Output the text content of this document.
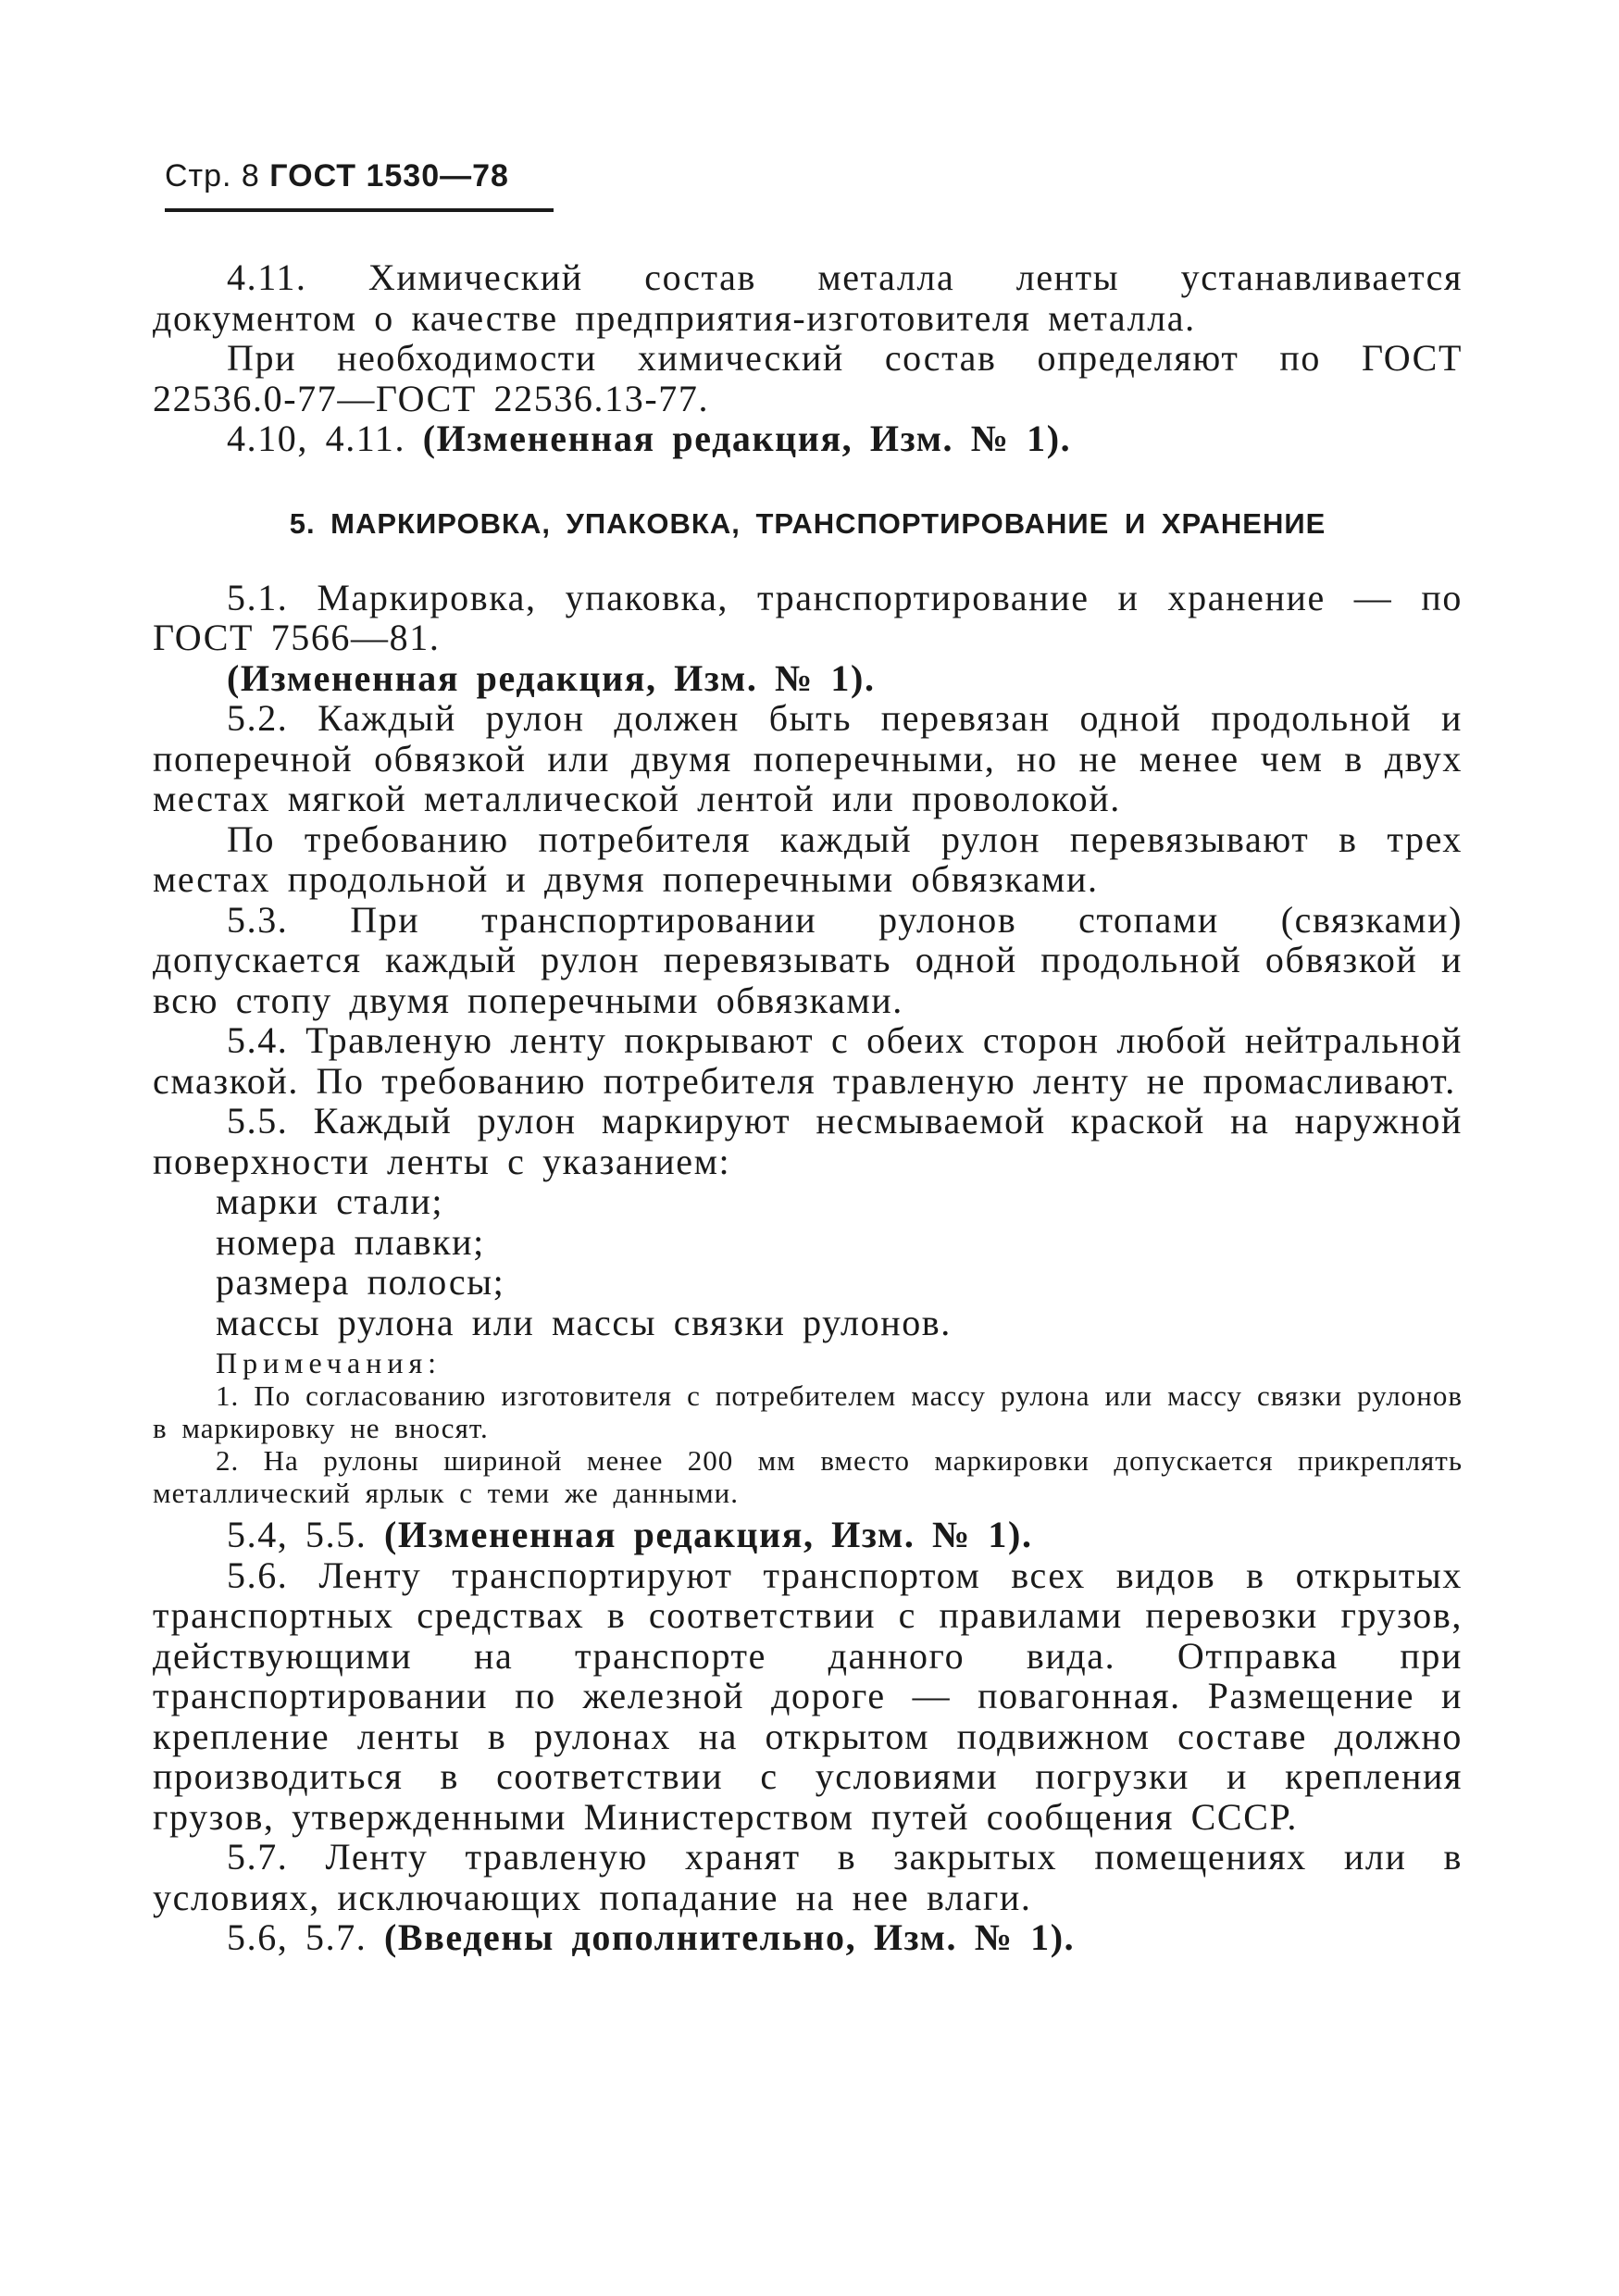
Стр. 8 ГОСТ 1530—78

4.11. Химический состав металла ленты устанавливается документом о качестве предприятия-изготовителя металла.

При необходимости химический состав определяют по ГОСТ 22536.0-77—ГОСТ 22536.13-77.

4.10, 4.11. (Измененная редакция, Изм. № 1).

5. МАРКИРОВКА, УПАКОВКА, ТРАНСПОРТИРОВАНИЕ И ХРАНЕНИЕ

5.1. Маркировка, упаковка, транспортирование и хранение — по ГОСТ 7566—81.

(Измененная редакция, Изм. № 1).

5.2. Каждый рулон должен быть перевязан одной продольной и поперечной обвязкой или двумя поперечными, но не менее чем в двух местах мягкой металлической лентой или проволокой.

По требованию потребителя каждый рулон перевязывают в трех местах продольной и двумя поперечными обвязками.

5.3. При транспортировании рулонов стопами (связками) допускается каждый рулон перевязывать одной продольной обвязкой и всю стопу двумя поперечными обвязками.

5.4. Травленую ленту покрывают с обеих сторон любой нейтральной смазкой. По требованию потребителя травленую ленту не промасливают.

5.5. Каждый рулон маркируют несмываемой краской на наружной поверхности ленты с указанием:

марки стали;

номера плавки;

размера полосы;

массы рулона или массы связки рулонов.

Примечания:

1. По согласованию изготовителя с потребителем массу рулона или массу связки рулонов в маркировку не вносят.

2. На рулоны шириной менее 200 мм вместо маркировки допускается прикреплять металлический ярлык с теми же данными.

5.4, 5.5. (Измененная редакция, Изм. № 1).

5.6. Ленту транспортируют транспортом всех видов в открытых транспортных средствах в соответствии с правилами перевозки грузов, действующими на транспорте данного вида. Отправка при транспортировании по железной дороге — повагонная. Размещение и крепление ленты в рулонах на открытом подвижном составе должно производиться в соответствии с условиями погрузки и крепления грузов, утвержденными Министерством путей сообщения СССР.

5.7. Ленту травленую хранят в закрытых помещениях или в условиях, исключающих попадание на нее влаги.

5.6, 5.7. (Введены дополнительно, Изм. № 1).
